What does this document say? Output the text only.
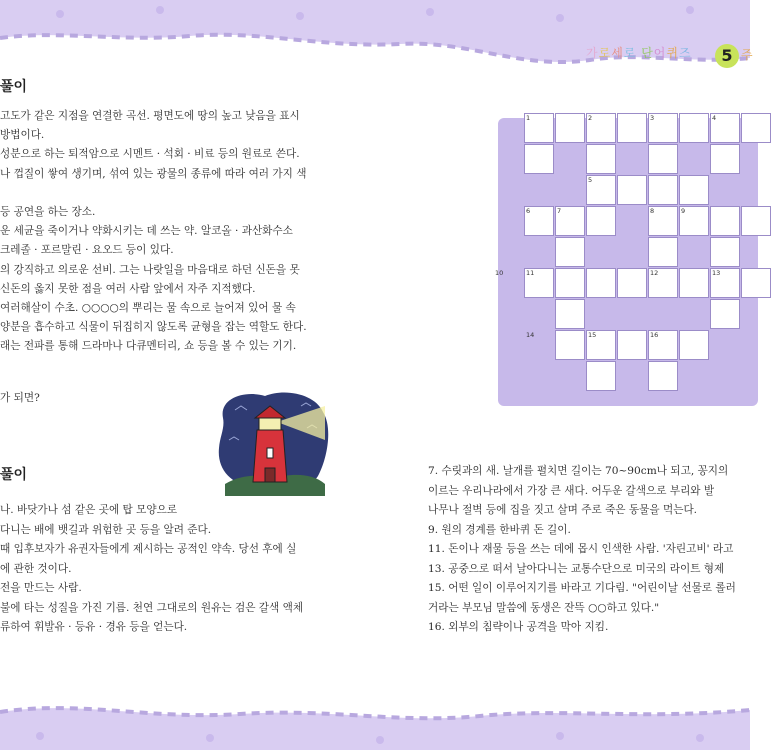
가로세로 단어퀴즈	5 주
풀이
고도가 같은 지점을 연결한 곡선. 평면도에 땅의 높고 낮음을 표시
방법이다.
성분으로 하는 퇴적암으로 시멘트 · 석회 · 비료 등의 원료로 쓴다.
나 껍질이 쌓여 생기며, 섞여 있는 광물의 종류에 따라 여러 가지 색
등 공연을 하는 장소.
운 세균을 죽이거나 약화시키는 데 쓰는 약. 알코올 · 과산화수소
크레졸 · 포르말린 · 요오드 등이 있다.
의 강직하고 의로운 선비. 그는 나랏일을 마음대로 하던 신돈을 못
신돈의 옳지 못한 점을 여러 사람 앞에서 자주 지적했다.
여러해살이 수초. ○○○○의 뿌리는 물 속으로 늘어져 있어 물 속
양분을 흡수하고 식물이 뒤집히지 않도록 균형을 잡는 역할도 한다.
래는 전파를 통해 드라마나 다큐멘터리, 쇼 등을 볼 수 있는 기기.
가 되면?
풀이
나. 바닷가나 섬 같은 곳에 탑 모양으로
다니는 배에 뱃길과 위험한 곳 등을 알려 준다.
때 입후보자가 유권자들에게 제시하는 공적인 약속. 당선 후에 실
에 관한 것이다.
전을 만드는 사람.
불에 타는 성질을 가진 기름. 천연 그대로의 원유는 검은 갈색 액체
류하여 휘발유 · 등유 · 경유 등을 얻는다.
1	2	3	4
5
6	7	8	9
10	11	12	13
14	15	16
7. 수릿과의 새. 날개를 펼치면 길이는 70~90cm나 되고, 꽁지의
이르는 우리나라에서 가장 큰 새다. 어두운 갈색으로 부리와 발
나무나 절벽 등에 집을 짓고 살며 주로 죽은 동물을 먹는다.
9. 원의 경계를 한바퀴 돈 길이.
11. 돈이나 재물 등을 쓰는 데에 몹시 인색한 사람. '자린고비' 라고
13. 공중으로 떠서 날아다니는 교통수단으로 미국의 라이트 형제
15. 어떤 일이 이루어지기를 바라고 기다림. "어린이날 선물로 롤러
거라는 부모님 말씀에 동생은 잔뜩 ○○하고 있다."
16. 외부의 침략이나 공격을 막아 지킴.
